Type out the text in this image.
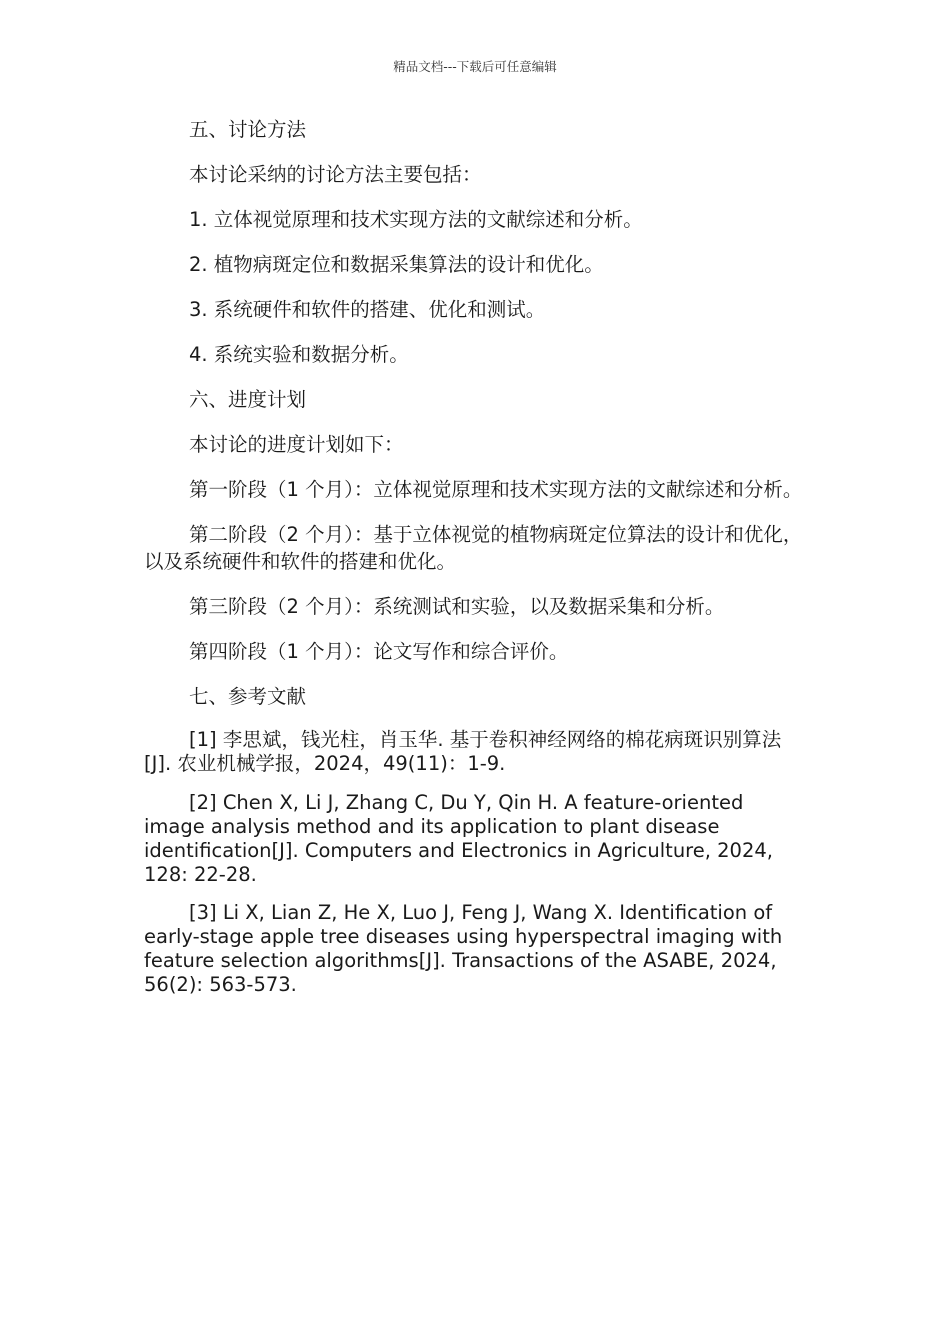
精品文档---下载后可任意编辑

五、讨论方法

本讨论采纳的讨论方法主要包括：

1. 立体视觉原理和技术实现方法的文献综述和分析。

2. 植物病斑定位和数据采集算法的设计和优化。

3. 系统硬件和软件的搭建、优化和测试。

4. 系统实验和数据分析。

六、进度计划

本讨论的进度计划如下：

第一阶段（1 个月）：立体视觉原理和技术实现方法的文献综述和分析。

第二阶段（2 个月）：基于立体视觉的植物病斑定位算法的设计和优化，以及系统硬件和软件的搭建和优化。

第三阶段（2 个月）：系统测试和实验，以及数据采集和分析。

第四阶段（1 个月）：论文写作和综合评价。

七、参考文献

[1] 李思斌，钱光柱，肖玉华. 基于卷积神经网络的棉花病斑识别算法[J]. 农业机械学报，2024，49(11)：1-9.

[2] Chen X, Li J, Zhang C, Du Y, Qin H. A feature-oriented image analysis method and its application to plant disease identification[J]. Computers and Electronics in Agriculture, 2024, 128: 22-28.

[3] Li X, Lian Z, He X, Luo J, Feng J, Wang X. Identification of early-stage apple tree diseases using hyperspectral imaging with feature selection algorithms[J]. Transactions of the ASABE, 2024, 56(2): 563-573.
